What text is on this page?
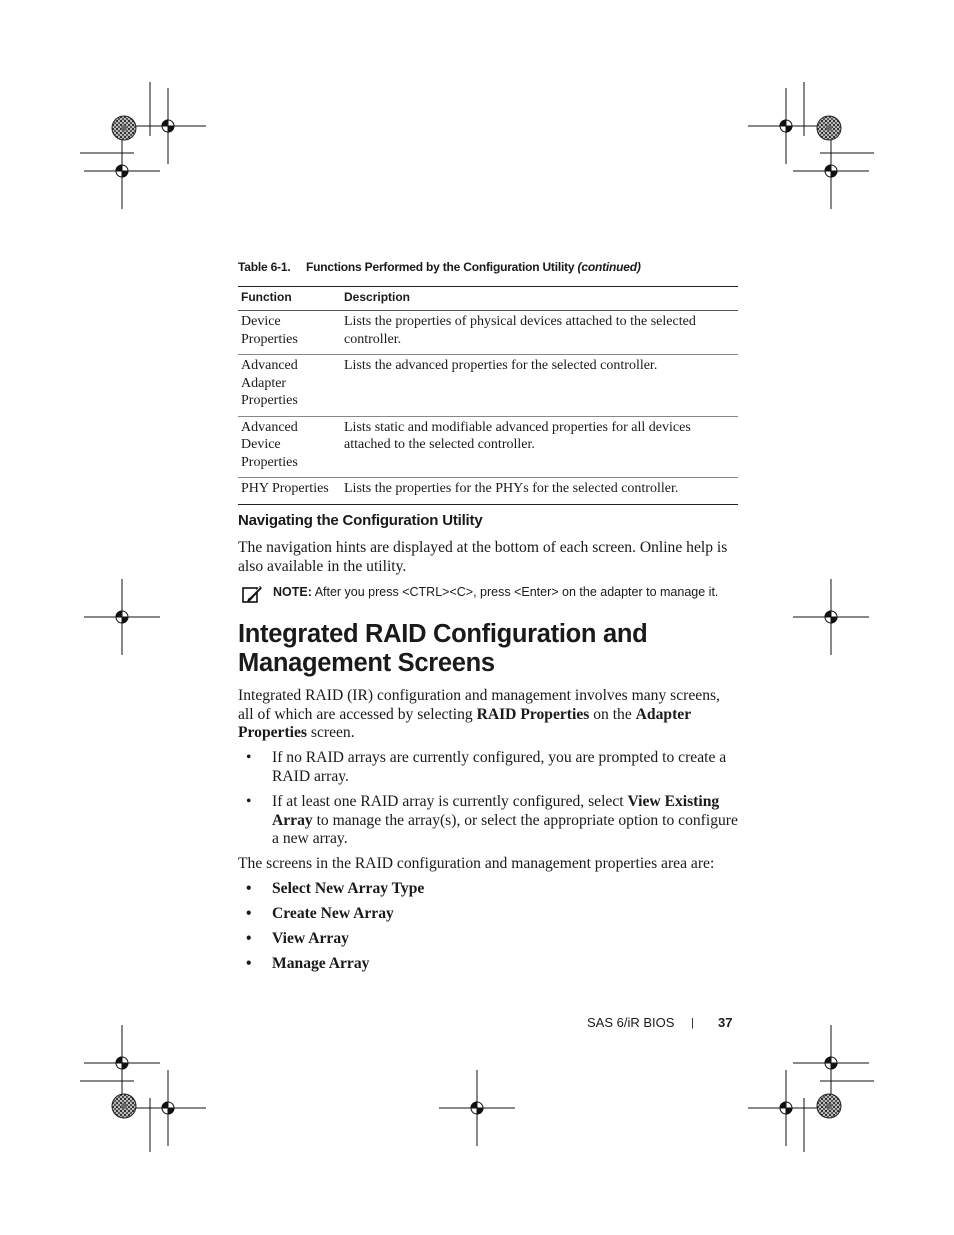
Table 6-1. Functions Performed by the Configuration Utility (continued)
Function	Description
Device Properties	Lists the properties of physical devices attached to the selected controller.
Advanced Adapter Properties	Lists the advanced properties for the selected controller.
Advanced Device Properties	Lists static and modifiable advanced properties for all devices attached to the selected controller.
PHY Properties	Lists the properties for the PHYs for the selected controller.
Navigating the Configuration Utility

The navigation hints are displayed at the bottom of each screen. Online help is also available in the utility.

NOTE: After you press <CTRL><C>, press <Enter> on the adapter to manage it.
Integrated RAID Configuration and Management Screens

Integrated RAID (IR) configuration and management involves many screens, all of which are accessed by selecting RAID Properties on the Adapter Properties screen.

• If no RAID arrays are currently configured, you are prompted to create a RAID array.
• If at least one RAID array is currently configured, select View Existing Array to manage the array(s), or select the appropriate option to configure a new array.

The screens in the RAID configuration and management properties area are:

• Select New Array Type
• Create New Array
• View Array
• Manage Array
SAS 6/iR BIOS | 37
